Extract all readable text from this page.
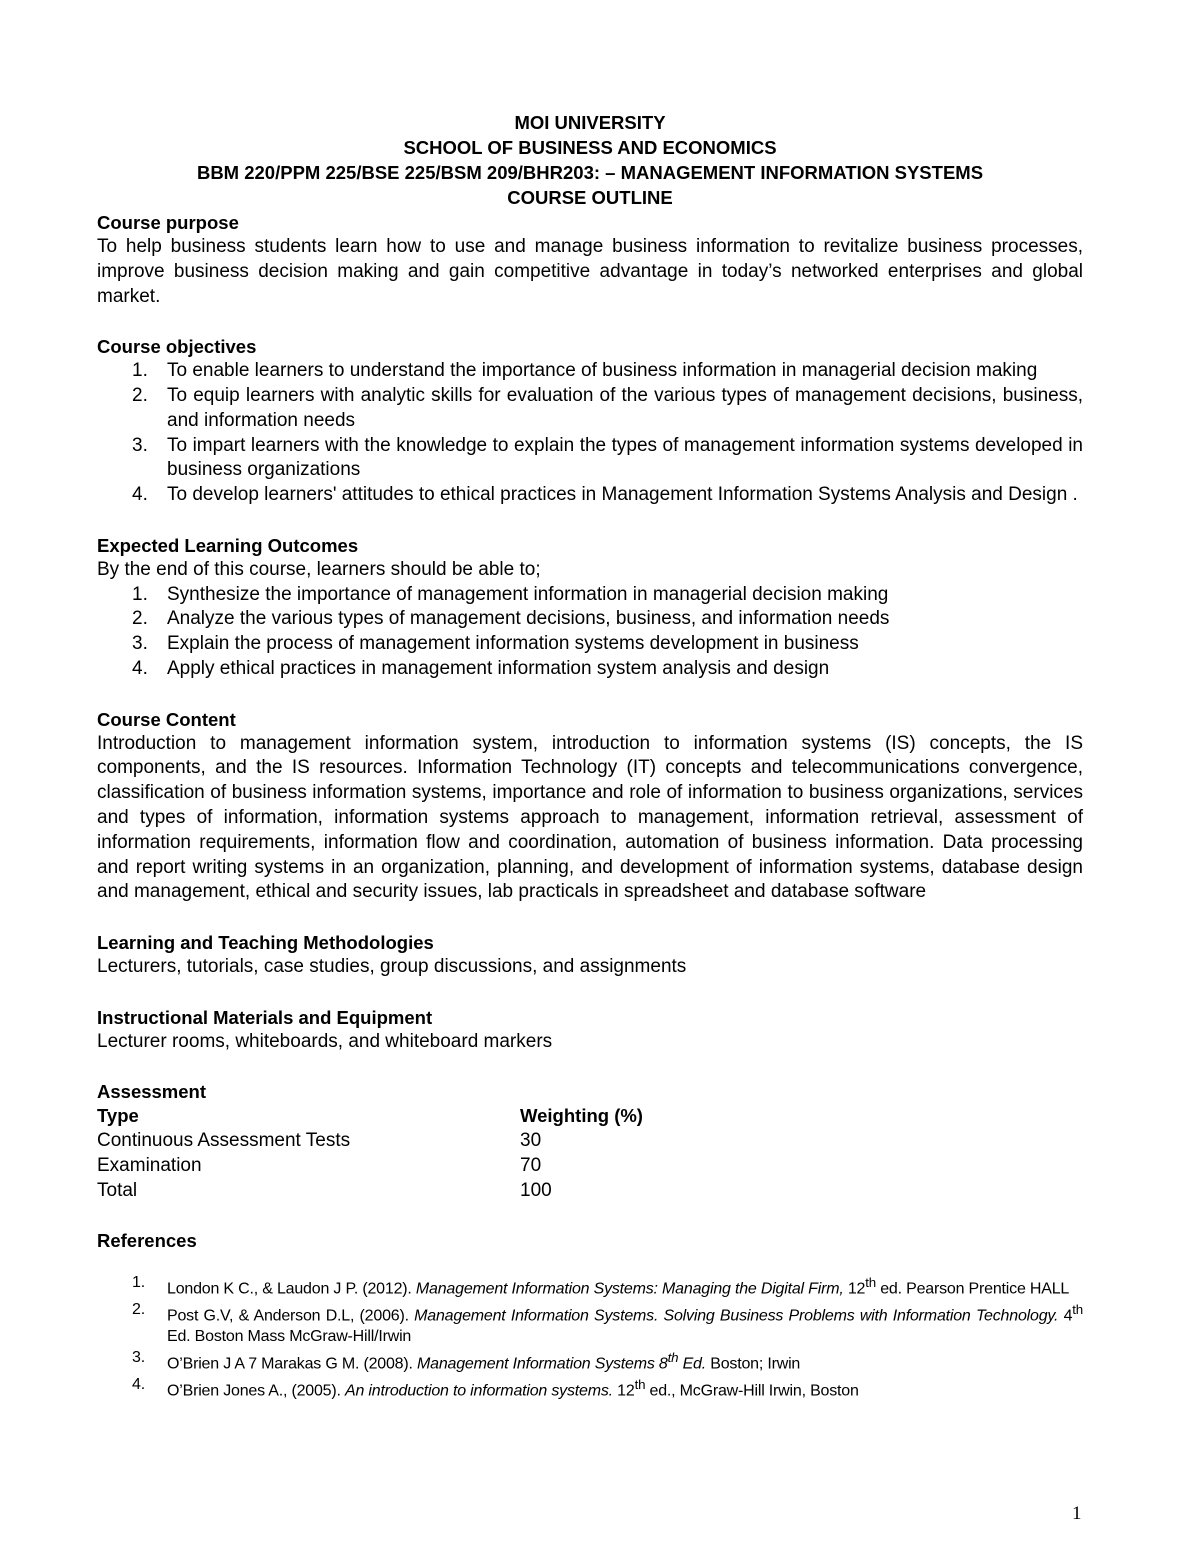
MOI UNIVERSITY
SCHOOL OF BUSINESS AND ECONOMICS
BBM 220/PPM 225/BSE 225/BSM 209/BHR203: – MANAGEMENT INFORMATION SYSTEMS
COURSE OUTLINE
Course purpose
To help business students learn how to use and manage business information to revitalize business processes, improve business decision making and gain competitive advantage in today’s networked enterprises and global market.
Course objectives
1. To enable learners to understand the importance of business information in managerial decision making
2. To equip learners with analytic skills for evaluation of the various types of management decisions, business, and information needs
3. To impart learners with the knowledge to explain the types of management information systems developed in business organizations
4. To develop learners' attitudes to ethical practices in Management Information Systems Analysis and Design .
Expected Learning Outcomes
By the end of this course, learners should be able to;
1. Synthesize the importance of management information in managerial decision making
2. Analyze the various types of management decisions, business, and information needs
3. Explain the process of management information systems development in business
4. Apply ethical practices in management information system analysis and design
Course Content
Introduction to management information system, introduction to information systems (IS) concepts, the IS components, and the IS resources. Information Technology (IT) concepts and telecommunications convergence, classification of business information systems, importance and role of information to business organizations, services and types of information, information systems approach to management, information retrieval, assessment of information requirements, information flow and coordination, automation of business information. Data processing and report writing systems in an organization, planning, and development of information systems, database design and management, ethical and security issues, lab practicals in spreadsheet and database software
Learning and Teaching Methodologies
Lecturers, tutorials, case studies, group discussions, and assignments
Instructional Materials and Equipment
Lecturer rooms, whiteboards, and whiteboard markers
Assessment
Type	Weighting (%)
Continuous Assessment Tests	30
Examination	70
Total	100
References
1. London K C., & Laudon J P. (2012). Management Information Systems: Managing the Digital Firm, 12th ed. Pearson Prentice HALL
2. Post G.V, & Anderson D.L, (2006). Management Information Systems. Solving Business Problems with Information Technology. 4th Ed. Boston Mass McGraw-Hill/Irwin
3. O’Brien J A 7 Marakas G M. (2008). Management Information Systems 8th Ed. Boston; Irwin
4. O’Brien Jones A., (2005). An introduction to information systems. 12th ed., McGraw-Hill Irwin, Boston
1
